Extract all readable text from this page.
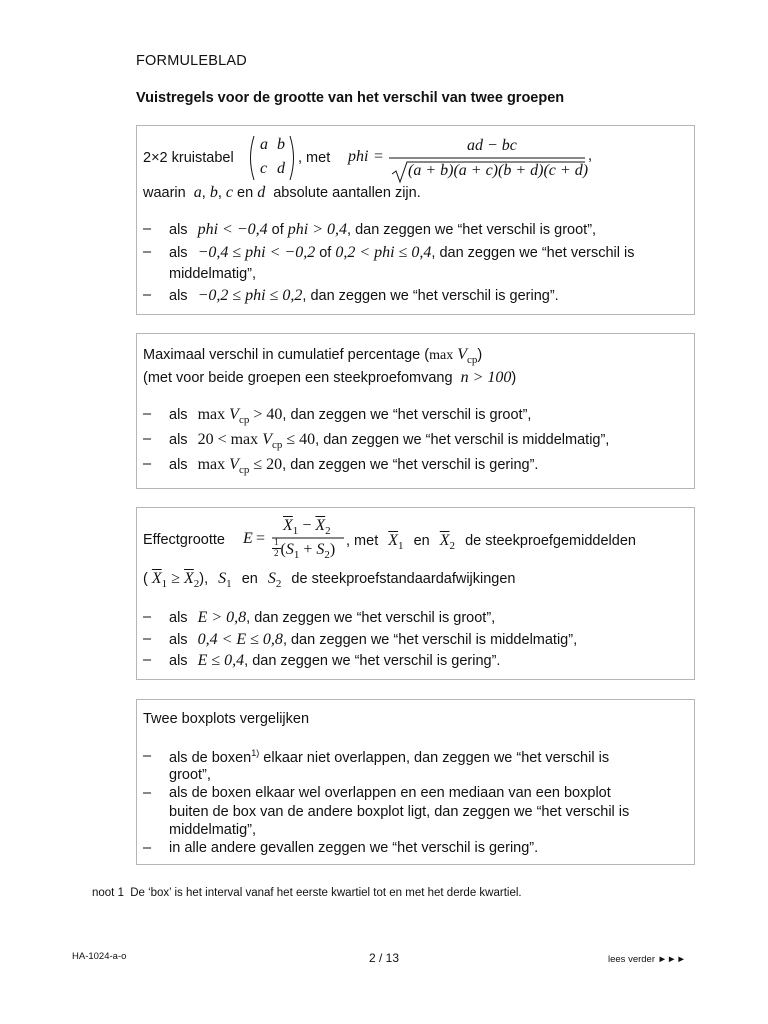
FORMULEBLAD
Vuistregels voor de grootte van het verschil van twee groepen
2×2 kruistabel
a b
c d
, met phi =
ad − bc
(a + b)(a + c)(b + d)(c + d)
,
waarin a, b, c en d absolute aantallen zijn.
– als phi < −0,4 of phi > 0,4, dan zeggen we “het verschil is groot”,
– als −0,4 ≤ phi < −0,2 of 0,2 < phi ≤ 0,4, dan zeggen we “het verschil is
middelmatig”,
– als −0,2 ≤ phi ≤ 0,2, dan zeggen we “het verschil is gering”.
Maximaal verschil in cumulatief percentage (max $V_{cp}$)
(met voor beide groepen een steekproefomvang n > 100)
– als $\max V_{cp} > 40$, dan zeggen we “het verschil is groot”,
– als $20 < \max V_{cp} \le 40$, dan zeggen we “het verschil is middelmatig”,
– als $\max V_{cp} \le 20$, dan zeggen we “het verschil is gering”.
Effectgrootte E =
$\overline{X}_1 - \overline{X}_2$
$\frac{1}{2} (S_1 + S_2)$ , met $\overline{X}_1$ en $\overline{X}_2$ de steekproefgemiddelden
( $\overline{X}_1 \ge \overline{X}_2$), $S_1$ en $S_2$ de steekproefstandaardafwijkingen
– als E > 0,8, dan zeggen we “het verschil is groot”,
– als 0,4 < E ≤ 0,8, dan zeggen we “het verschil is middelmatig”,
– als E ≤ 0,4, dan zeggen we “het verschil is gering”.
Twee boxplots vergelijken
– als de boxen$^{1)}$ elkaar niet overlappen, dan zeggen we “het verschil is
groot”,
– als de boxen elkaar wel overlappen en een mediaan van een boxplot
buiten de box van de andere boxplot ligt, dan zeggen we “het verschil is
middelmatig”,
– in alle andere gevallen zeggen we “het verschil is gering”.
noot 1 De ‘box’ is het interval vanaf het eerste kwartiel tot en met het derde kwartiel.
HA-1024-a-o	2 / 13	lees verder ►►►
